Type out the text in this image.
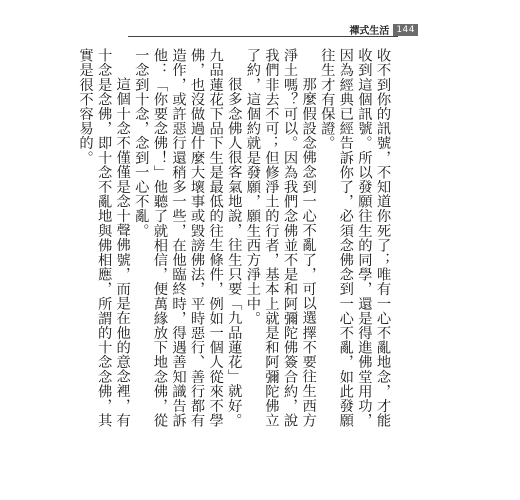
禪式生活 144

收不到你的訊號，不知道你死了；唯有一心不亂地念，才能收到這個訊號。所以發願往生的同學，還是得進佛堂用功，因為經典已經告訴你了，必須念佛念到一心不亂，如此發願往生才有保證。

那麼假設念佛念到一心不亂了，可以選擇不要往生西方淨土嗎？可以。因為我們念佛並不是和阿彌陀佛簽合約，說我們非去不可；但修淨土的行者，基本上就是和阿彌陀佛立了約，這個約就是發願，願生西方淨土中。

很多念佛人很客氣地說，往生只要「九品蓮花」就好。九品蓮花下品下生是最低的往生條件，例如一個人從來不學佛，也沒做過什麼大壞事或毀謗佛法，平時惡行、善行都有造作，或許惡行還稍多一些，在他臨終時，得遇善知識告訴他：「你要念佛！」他聽了就相信，便萬緣放下地念佛，從一念到十念，念到一心不亂。

這個十念不僅僅是念十聲佛號，而是在他的意念裡，有十念是念佛，即十念不亂地與佛相應，所謂的十念念佛，其實是很不容易的。
